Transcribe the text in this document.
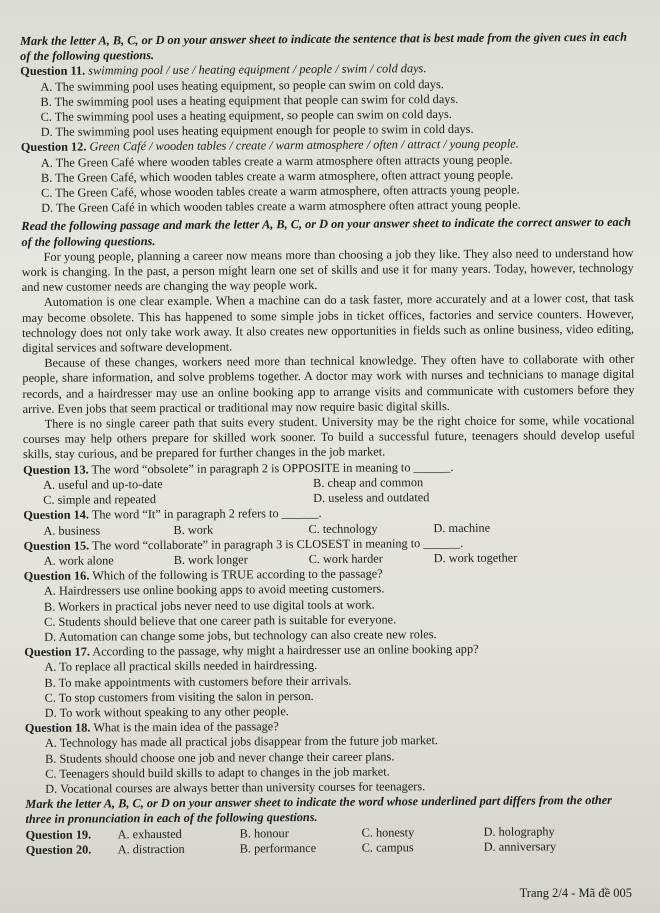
Mark the letter A, B, C, or D on your answer sheet to indicate the sentence that is best made from the given cues in each of the following questions.
Question 11. swimming pool / use / heating equipment / people / swim / cold days.
A. The swimming pool uses heating equipment, so people can swim on cold days.
B. The swimming pool uses a heating equipment that people can swim for cold days.
C. The swimming pool uses a heating equipment, so people can swim on cold days.
D. The swimming pool uses heating equipment enough for people to swim in cold days.
Question 12. Green Café / wooden tables / create / warm atmosphere / often / attract / young people.
A. The Green Café where wooden tables create a warm atmosphere often attracts young people.
B. The Green Café, which wooden tables create a warm atmosphere, often attract young people.
C. The Green Café, whose wooden tables create a warm atmosphere, often attracts young people.
D. The Green Café in which wooden tables create a warm atmosphere often attract young people.
Read the following passage and mark the letter A, B, C, or D on your answer sheet to indicate the correct answer to each of the following questions.
For young people, planning a career now means more than choosing a job they like. They also need to understand how work is changing. In the past, a person might learn one set of skills and use it for many years. Today, however, technology and new customer needs are changing the way people work.
Automation is one clear example. When a machine can do a task faster, more accurately and at a lower cost, that task may become obsolete. This has happened to some simple jobs in ticket offices, factories and service counters. However, technology does not only take work away. It also creates new opportunities in fields such as online business, video editing, digital services and software development.
Because of these changes, workers need more than technical knowledge. They often have to collaborate with other people, share information, and solve problems together. A doctor may work with nurses and technicians to manage digital records, and a hairdresser may use an online booking app to arrange visits and communicate with customers before they arrive. Even jobs that seem practical or traditional may now require basic digital skills.
There is no single career path that suits every student. University may be the right choice for some, while vocational courses may help others prepare for skilled work sooner. To build a successful future, teenagers should develop useful skills, stay curious, and be prepared for further changes in the job market.
Question 13. The word “obsolete” in paragraph 2 is OPPOSITE in meaning to ______.
A. useful and up-to-date	B. cheap and common
C. simple and repeated	D. useless and outdated
Question 14. The word “It” in paragraph 2 refers to ______.
A. business	B. work	C. technology	D. machine
Question 15. The word “collaborate” in paragraph 3 is CLOSEST in meaning to ______.
A. work alone	B. work longer	C. work harder	D. work together
Question 16. Which of the following is TRUE according to the passage?
A. Hairdressers use online booking apps to avoid meeting customers.
B. Workers in practical jobs never need to use digital tools at work.
C. Students should believe that one career path is suitable for everyone.
D. Automation can change some jobs, but technology can also create new roles.
Question 17. According to the passage, why might a hairdresser use an online booking app?
A. To replace all practical skills needed in hairdressing.
B. To make appointments with customers before their arrivals.
C. To stop customers from visiting the salon in person.
D. To work without speaking to any other people.
Question 18. What is the main idea of the passage?
A. Technology has made all practical jobs disappear from the future job market.
B. Students should choose one job and never change their career plans.
C. Teenagers should build skills to adapt to changes in the job market.
D. Vocational courses are always better than university courses for teenagers.
Mark the letter A, B, C, or D on your answer sheet to indicate the word whose underlined part differs from the other three in pronunciation in each of the following questions.
Question 19.	A. exhausted	B. honour	C. honesty	D. holography
Question 20.	A. distraction	B. performance	C. campus	D. anniversary
Trang 2/4 - Mã đề 005
